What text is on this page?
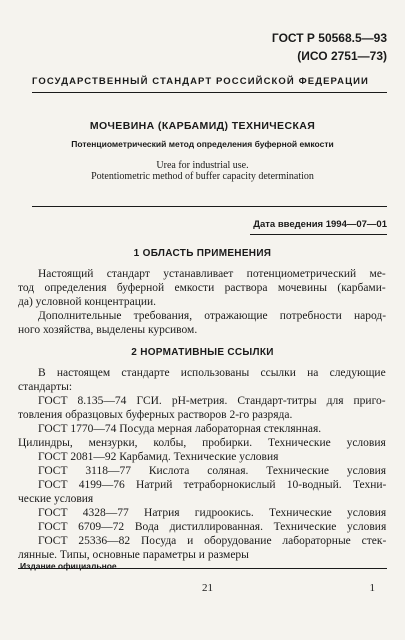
ГОСТ Р 50568.5—93
(ИСО 2751—73)
ГОСУДАРСТВЕННЫЙ СТАНДАРТ РОССИЙСКОЙ ФЕДЕРАЦИИ
МОЧЕВИНА (КАРБАМИД) ТЕХНИЧЕСКАЯ
Потенциометрический метод определения буферной емкости
Urea for industrial use.
Potentiometric method of buffer capacity determination
Дата введения 1994—07—01
1 ОБЛАСТЬ ПРИМЕНЕНИЯ
Настоящий стандарт устанавливает потенциометрический ме-
тод определения буферной емкости раствора мочевины (карбами-
да) условной концентрации.
Дополнительные требования, отражающие потребности народ-
ного хозяйства, выделены курсивом.
2 НОРМАТИВНЫЕ ССЫЛКИ
В настоящем стандарте использованы ссылки на следующие
стандарты:
ГОСТ 8.135—74 ГСИ. рН-метрия. Стандарт-титры для приго-
товления образцовых буферных растворов 2-го разряда.
ГОСТ 1770—74 Посуда мерная лабораторная стеклянная.
Цилиндры, мензурки, колбы, пробирки. Технические условия
ГОСТ 2081—92 Карбамид. Технические условия
ГОСТ 3118—77 Кислота соляная. Технические условия
ГОСТ 4199—76 Натрий тетраборнокислый 10-водный. Техни-
ческие условия
ГОСТ 4328—77 Натрия гидроокись. Технические условия
ГОСТ 6709—72 Вода дистиллированная. Технические условия
ГОСТ 25336—82 Посуда и оборудование лабораторные стек-
лянные. Типы, основные параметры и размеры
Издание официальное
21	1
